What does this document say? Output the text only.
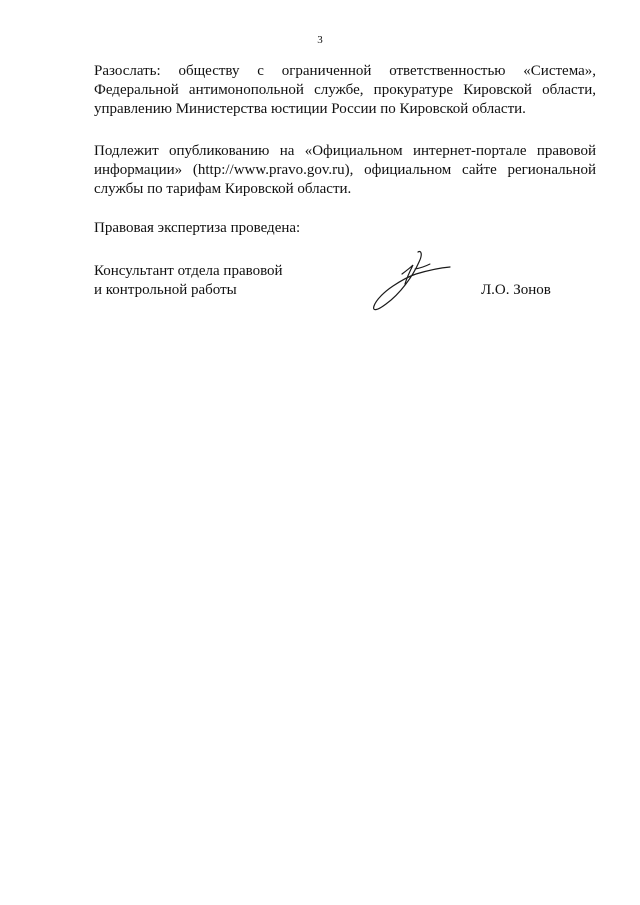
3
Разослать: обществу с ограниченной ответственностью «Система»,
Федеральной антимонопольной службе, прокуратуре Кировской области,
управлению Министерства юстиции России по Кировской области.
Подлежит опубликованию на «Официальном интернет-портале правовой
информации» (http://www.pravo.gov.ru), официальном сайте региональной
службы по тарифам Кировской области.
Правовая экспертиза проведена:
Консультант отдела правовой
и контрольной работы	Л.О. Зонов
